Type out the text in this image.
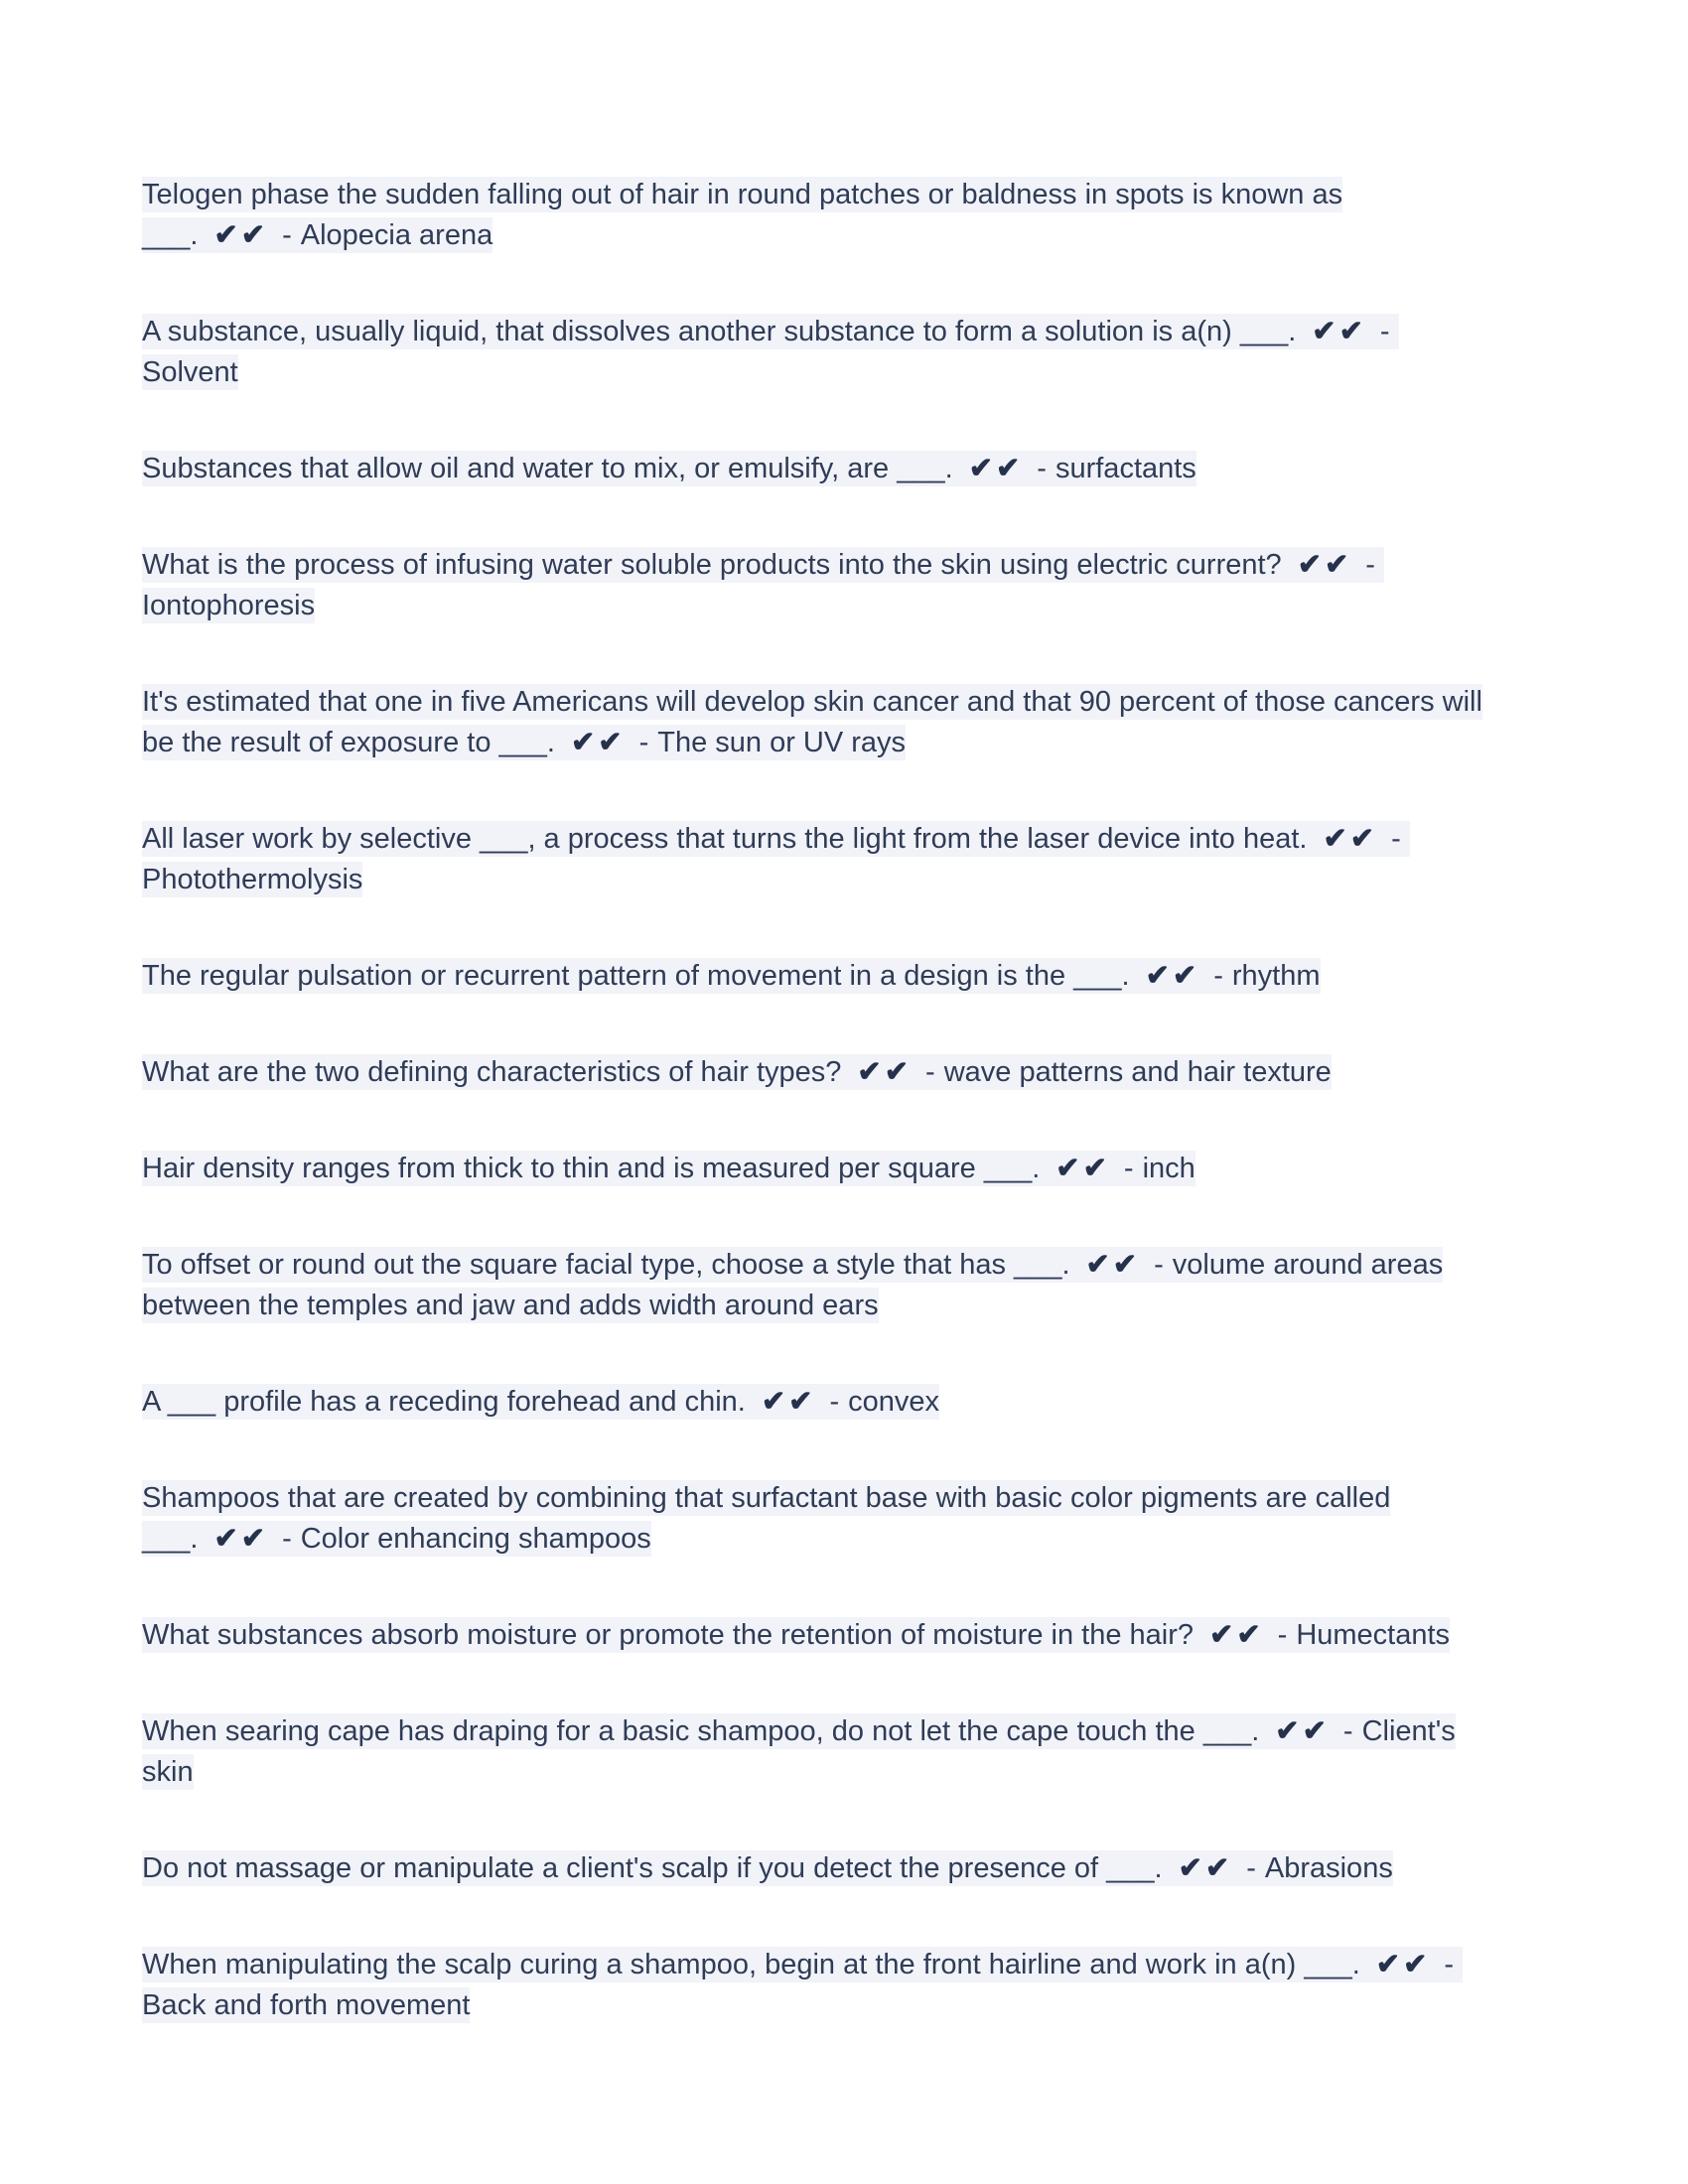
Telogen phase the sudden falling out of hair in round patches or baldness in spots is known as ___. ✔✔ - Alopecia arena

A substance, usually liquid, that dissolves another substance to form a solution is a(n) ___. ✔✔ -Solvent

Substances that allow oil and water to mix, or emulsify, are ___. ✔✔ - surfactants

What is the process of infusing water soluble products into the skin using electric current? ✔✔ -Iontophoresis

It's estimated that one in five Americans will develop skin cancer and that 90 percent of those cancers will be the result of exposure to ___. ✔✔ - The sun or UV rays

All laser work by selective ___, a process that turns the light from the laser device into heat. ✔✔ -Photothermolysis

The regular pulsation or recurrent pattern of movement in a design is the ___. ✔✔ - rhythm

What are the two defining characteristics of hair types? ✔✔ - wave patterns and hair texture

Hair density ranges from thick to thin and is measured per square ___. ✔✔ - inch

To offset or round out the square facial type, choose a style that has ___. ✔✔ - volume around areas between the temples and jaw and adds width around ears

A ___ profile has a receding forehead and chin. ✔✔ - convex

Shampoos that are created by combining that surfactant base with basic color pigments are called ___. ✔✔ - Color enhancing shampoos

What substances absorb moisture or promote the retention of moisture in the hair? ✔✔ - Humectants

When searing cape has draping for a basic shampoo, do not let the cape touch the ___. ✔✔ - Client's skin

Do not massage or manipulate a client's scalp if you detect the presence of ___. ✔✔ - Abrasions

When manipulating the scalp curing a shampoo, begin at the front hairline and work in a(n) ___. ✔✔ -Back and forth movement
